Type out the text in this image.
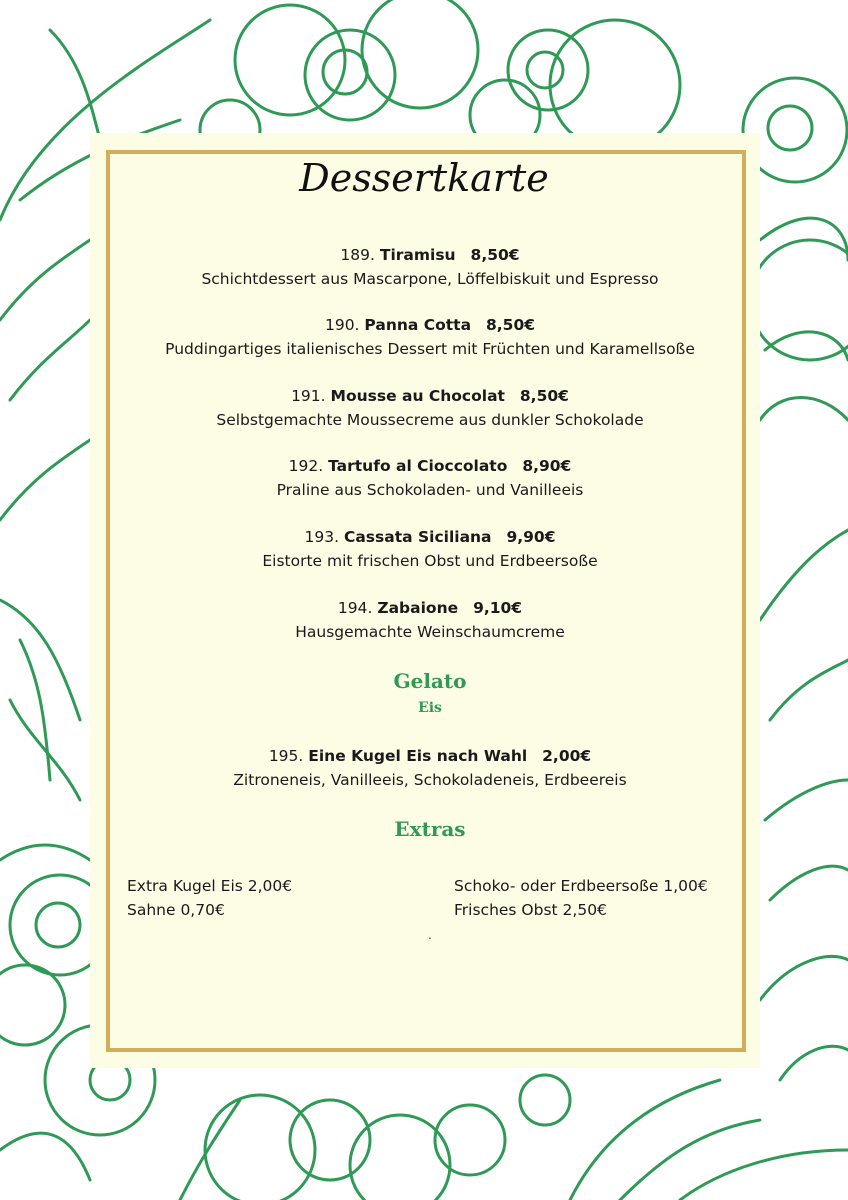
Dessertkarte
189. Tiramisu 8,50€
Schichtdessert aus Mascarpone, Löffelbiskuit und Espresso
190. Panna Cotta 8,50€
Puddingartiges italienisches Dessert mit Früchten und Karamellsoße
191. Mousse au Chocolat 8,50€
Selbstgemachte Moussecreme aus dunkler Schokolade
192. Tartufo al Cioccolato 8,90€
Praline aus Schokoladen- und Vanilleeis
193. Cassata Siciliana 9,90€
Eistorte mit frischen Obst und Erdbeersoße
194. Zabaione 9,10€
Hausgemachte Weinschaumcreme
Gelato
Eis
195. Eine Kugel Eis nach Wahl 2,00€
Zitroneneis, Vanilleeis, Schokoladeneis, Erdbeereis
Extras
Extra Kugel Eis 2,00€
Sahne 0,70€
Schoko- oder Erdbeersoße 1,00€
Frisches Obst 2,50€
.
